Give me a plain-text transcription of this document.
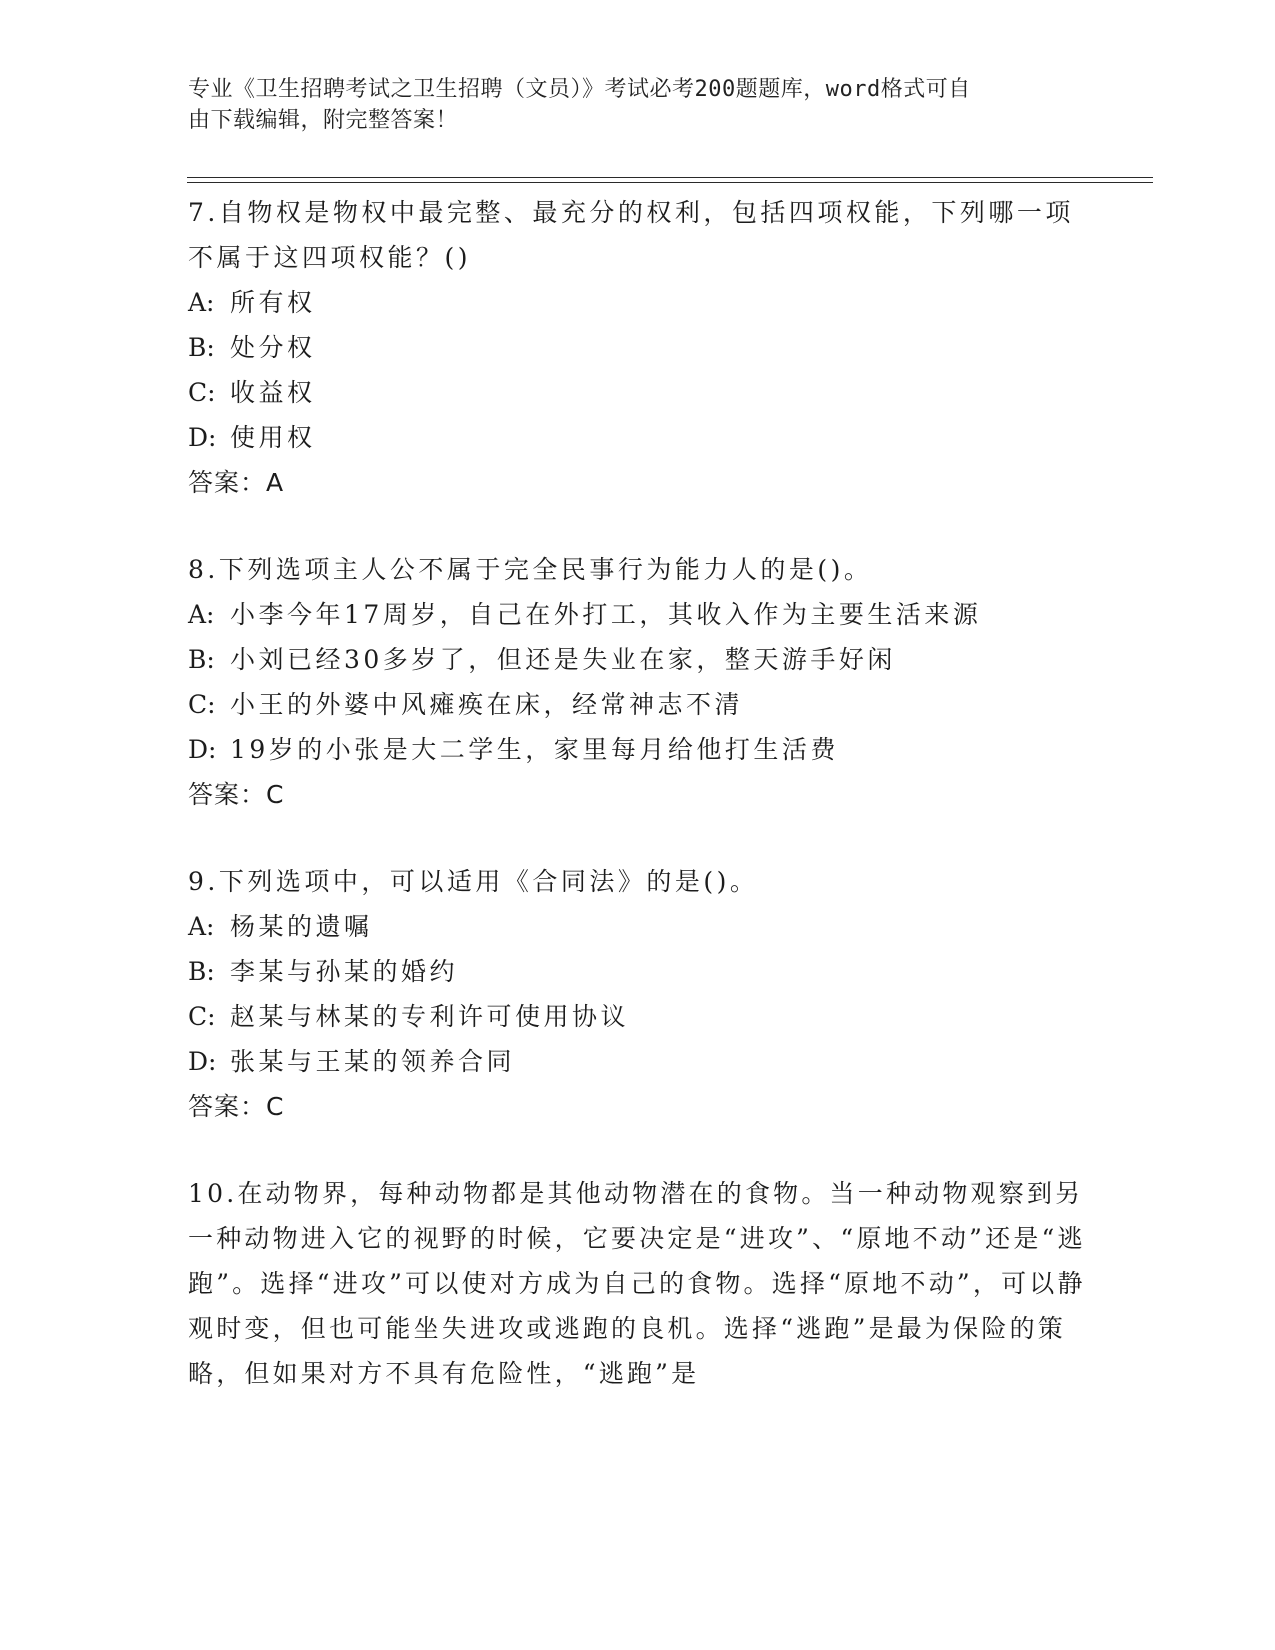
专业《卫生招聘考试之卫生招聘（文员）》考试必考200题题库，word格式可自
由下载编辑，附完整答案！
7.自物权是物权中最完整、最充分的权利，包括四项权能，下列哪一项不属于这四项权能？()
A: 所有权
B: 处分权
C: 收益权
D: 使用权
答案：A
8.下列选项主人公不属于完全民事行为能力人的是()。
A: 小李今年17周岁，自己在外打工，其收入作为主要生活来源
B: 小刘已经30多岁了，但还是失业在家，整天游手好闲
C: 小王的外婆中风瘫痪在床，经常神志不清
D: 19岁的小张是大二学生，家里每月给他打生活费
答案：C
9.下列选项中，可以适用《合同法》的是()。
A: 杨某的遗嘱
B: 李某与孙某的婚约
C: 赵某与林某的专利许可使用协议
D: 张某与王某的领养合同
答案：C
10.在动物界，每种动物都是其他动物潜在的食物。当一种动物观察到另一种动物进入它的视野的时候，它要决定是“进攻”、“原地不动”还是“逃跑”。选择“进攻”可以使对方成为自己的食物。选择“原地不动”，可以静观时变，但也可能坐失进攻或逃跑的良机。选择“逃跑”是最为保险的策略，但如果对方不具有危险性，“逃跑”是
